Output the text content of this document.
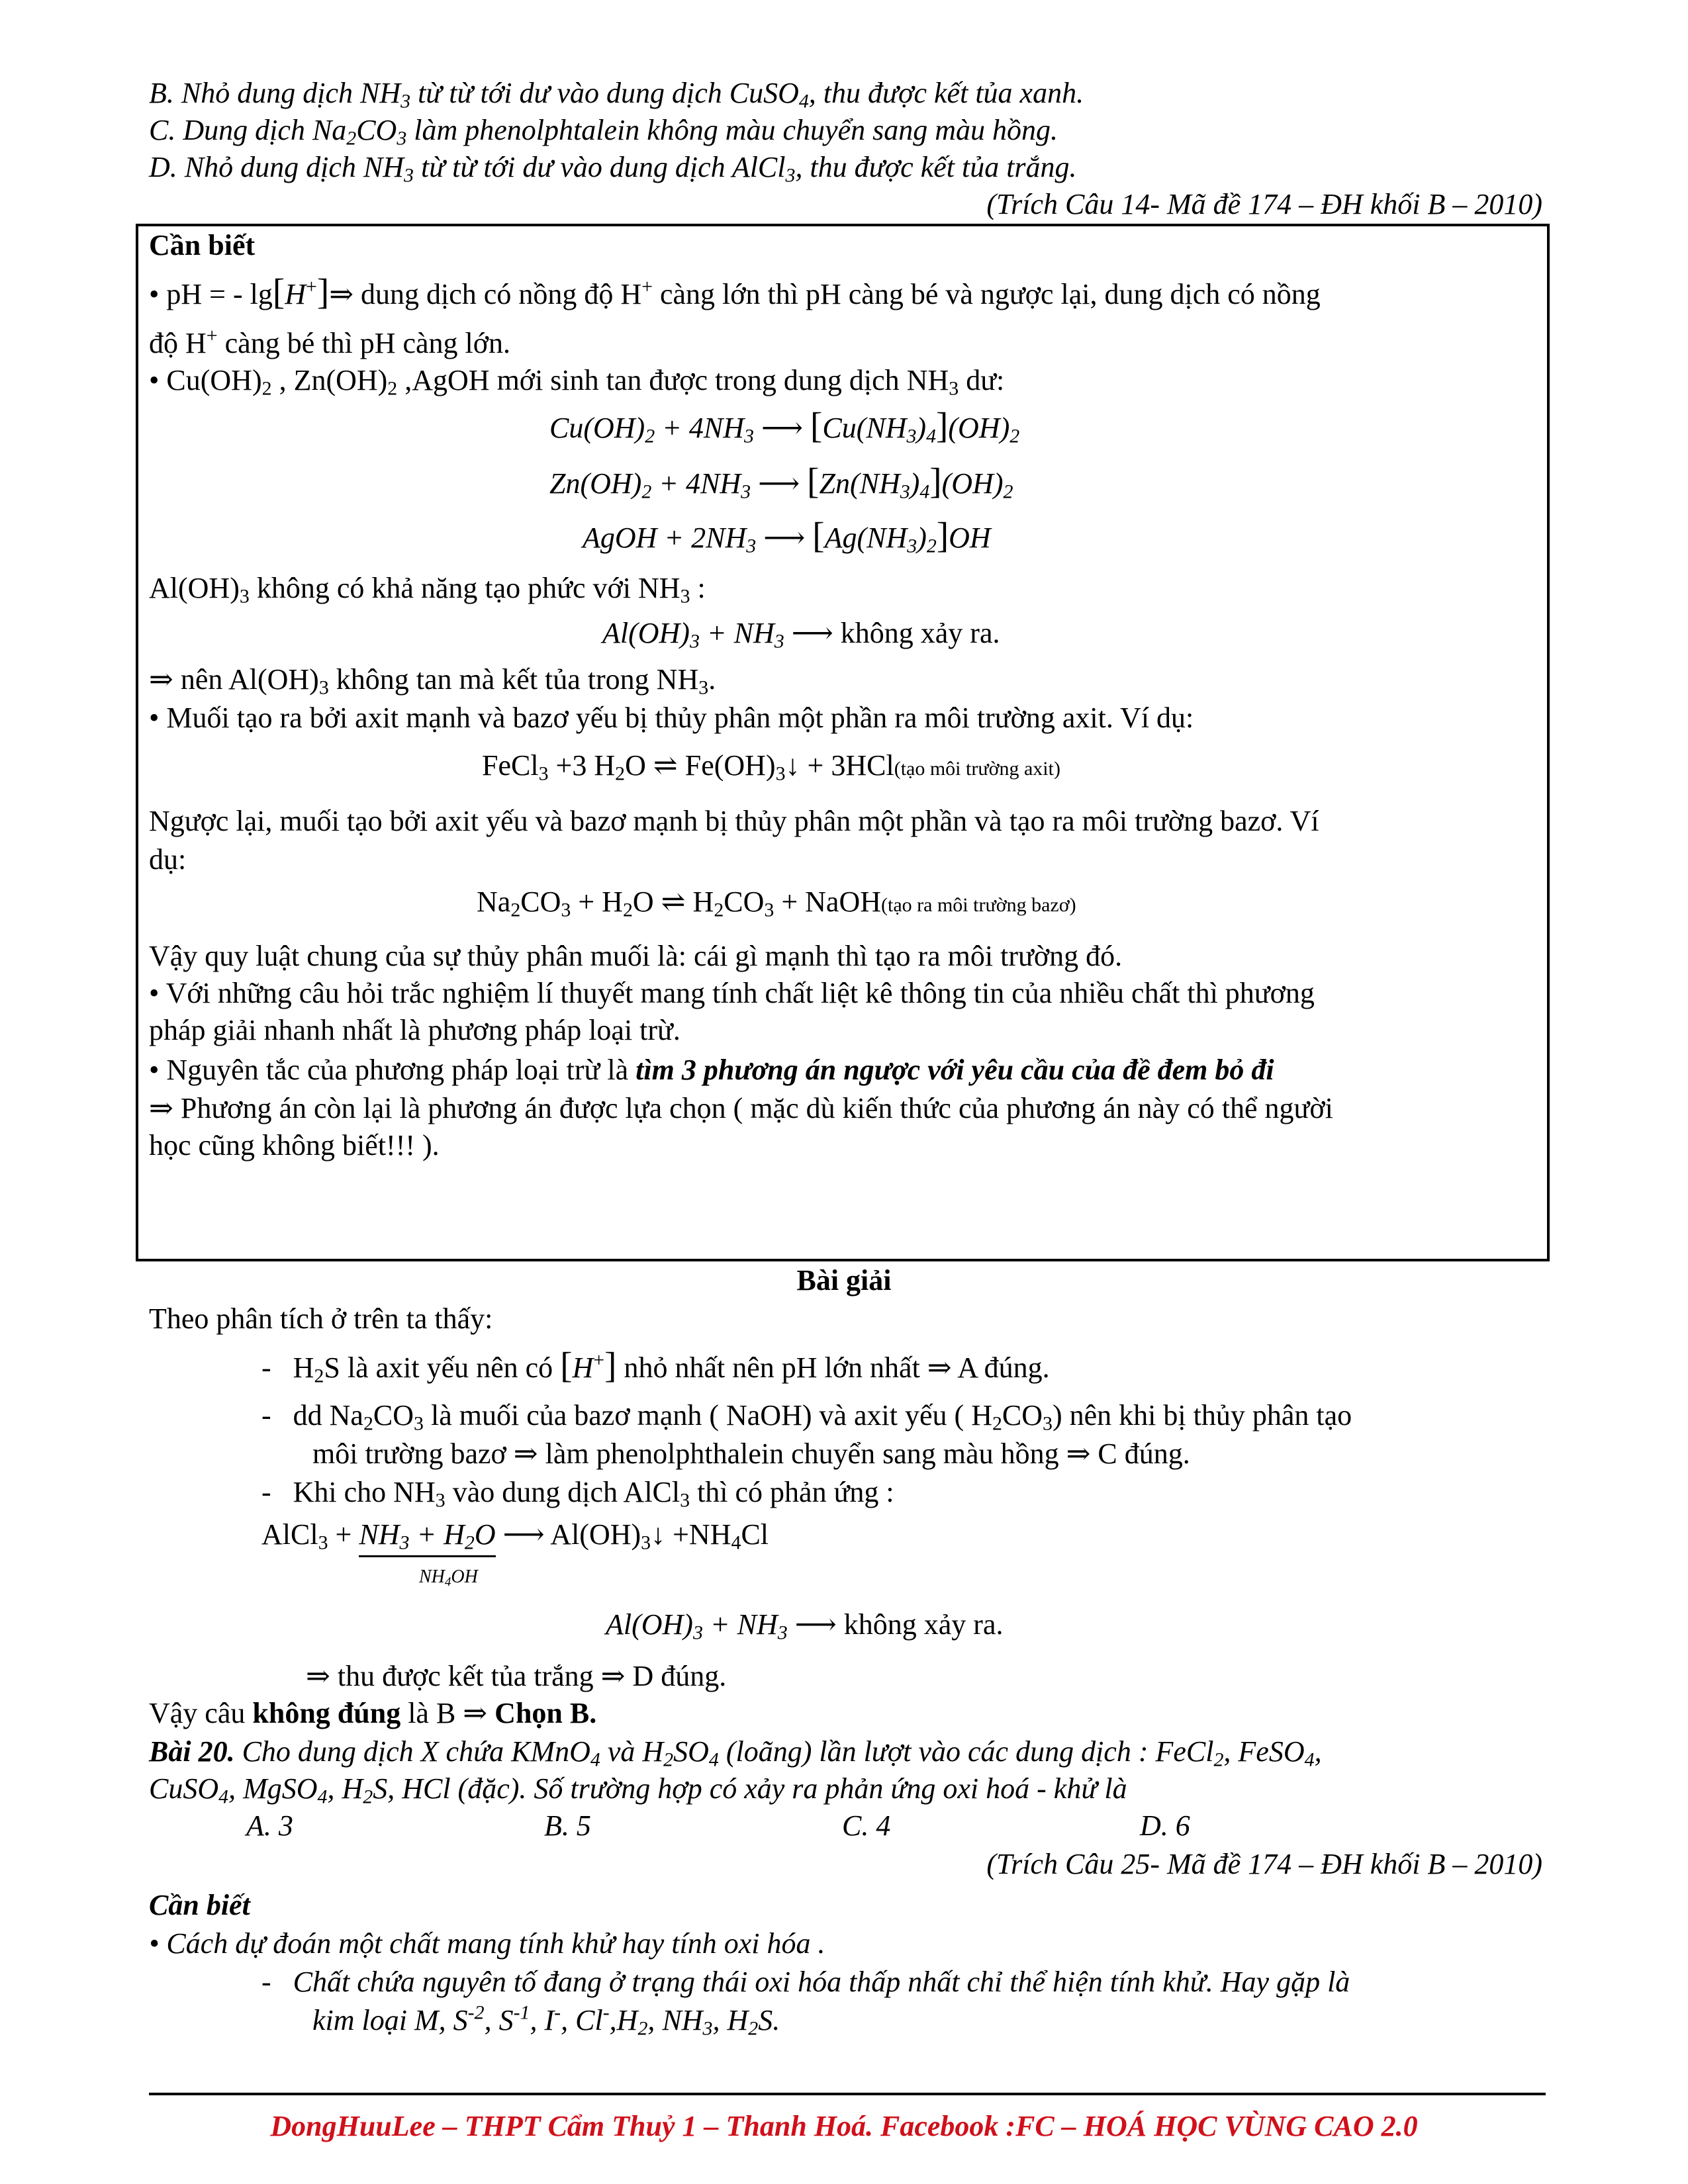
B. Nhỏ dung dịch $NH_3$ từ từ tới dư vào dung dịch CuSO$_4$, thu được kết tủa xanh.
C. Dung dịch $Na_2CO_3$ làm phenolphtalein không màu chuyển sang màu hồng.
D. Nhỏ dung dịch $NH_3$ từ từ tới dư vào dung dịch AlCl$_3$, thu được kết tủa trắng.
(Trích Câu 14- Mã đề 174 – ĐH khối B – 2010)
Cần biết
• pH = - lg[H+]⇒ dung dịch có nồng độ H+ càng lớn thì pH càng bé và ngược lại, dung dịch có nồng
độ H+ càng bé thì pH càng lớn.
• $Cu(OH)_2$ , $Zn(OH)_2$ ,AgOH mới sinh tan được trong dung dịch $NH_3$ dư:
$Cu(OH)_2 + 4NH_3$ ⟶ $[Cu(NH_3)_4](OH)_2$
$Zn(OH)_2 + 4NH_3$ ⟶ $[Zn(NH_3)_4](OH)_2$
AgOH + $2NH_3$ ⟶ $[Ag(NH_3)_2]OH$
$Al(OH)_3$ không có khả năng tạo phức với $NH_3$ :
$Al(OH)_3 + NH_3$ ⟶ không xảy ra.
⇒ nên $Al(OH)_3$ không tan mà kết tủa trong $NH_3$.
• Muối tạo ra bởi axit mạnh và bazơ yếu bị thủy phân một phần ra môi trường axit. Ví dụ:
FeCl$_3$ +3 $H_2O$ ⇌ $Fe(OH)_3↓$ + 3HCl(tạo môi trường axit)
Ngược lại, muối tạo bởi axit yếu và bazơ mạnh bị thủy phân một phần và tạo ra môi trường bazơ. Ví
dụ:
$Na_2CO_3 + H_2O$ ⇌ $H_2CO_3$ + NaOH(tạo ra môi trường bazơ)
Vậy quy luật chung của sự thủy phân muối là: cái gì mạnh thì tạo ra môi trường đó.
• Với những câu hỏi trắc nghiệm lí thuyết mang tính chất liệt kê thông tin của nhiều chất thì phương
pháp giải nhanh nhất là phương pháp loại trừ.
• Nguyên tắc của phương pháp loại trừ là tìm 3 phương án ngược với yêu cầu của đề đem bỏ đi
⇒ Phương án còn lại là phương án được lựa chọn ( mặc dù kiến thức của phương án này có thể người
học cũng không biết!!! ).
Bài giải
Theo phân tích ở trên ta thấy:
-   $H_2S$ là axit yếu nên có [H+] nhỏ nhất nên pH lớn nhất ⇒ A đúng.
-   dd $Na_2CO_3$ là muối của bazơ mạnh ( NaOH) và axit yếu ( $H_2CO_3$) nên khi bị thủy phân tạo
môi trường bazơ ⇒ làm phenolphthalein chuyển sang màu hồng ⇒ C đúng.
-   Khi cho $NH_3$ vào dung dịch AlCl$_3$ thì có phản ứng :
AlCl$_3$ + $NH_3 + H_2O$ ⟶ $Al(OH)_3↓ +NH_4Cl$
$NH_4OH$
$Al(OH)_3 + NH_3$ ⟶ không xảy ra.
⇒ thu được kết tủa trắng ⇒ D đúng.
Vậy câu không đúng là B ⇒ Chọn B.
Bài 20. Cho dung dịch X chứa KMnO$_4$ và $H_2SO_4$ (loãng) lần lượt vào các dung dịch : FeCl$_2$, FeSO$_4$,
CuSO$_4$, MgSO$_4$, $H_2S$, HCl (đặc). Số trường hợp có xảy ra phản ứng oxi hoá - khử là
A. 3	B. 5	C. 4	D. 6
(Trích Câu 25- Mã đề 174 – ĐH khối B – 2010)
Cần biết
• Cách dự đoán một chất mang tính khử hay tính oxi hóa .
-   Chất chứa nguyên tố đang ở trạng thái oxi hóa thấp nhất chỉ thể hiện tính khử. Hay gặp là
kim loại M, $S^{-2}$, $S^{-1}$, I-, $Cl^-,H_2$, $NH_3$, $H_2S$.
DongHuuLee – THPT Cẩm Thuỷ 1 – Thanh Hoá. Facebook :FC – HOÁ HỌC VÙNG CAO 2.0
